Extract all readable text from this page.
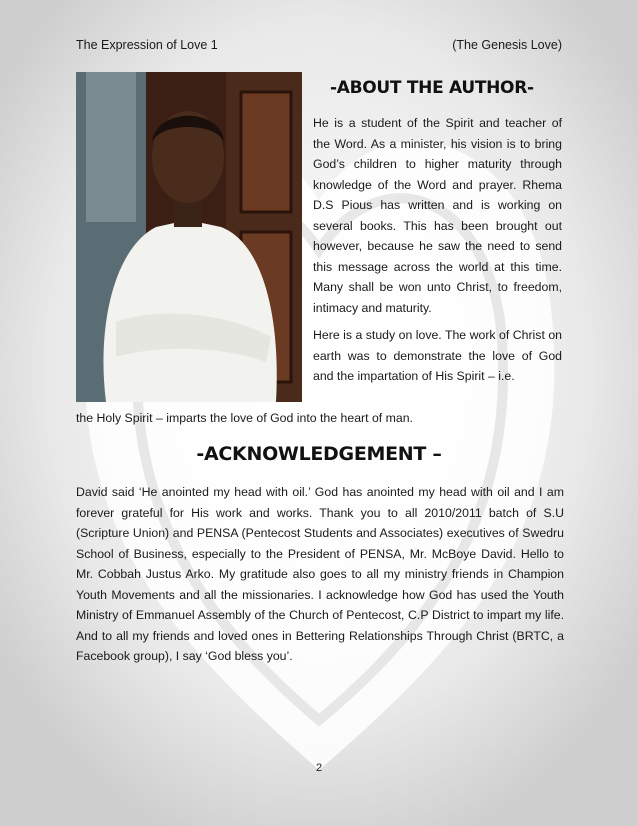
The Expression of Love 1	(The Genesis Love)
-ABOUT THE AUTHOR-

He is a student of the Spirit and teacher of the Word. As a minister, his vision is to bring God’s children to higher maturity through knowledge of the Word and prayer. Rhema D.S Pious has written and is working on several books. This has been brought out however, because he saw the need to send this message across the world at this time. Many shall be won unto Christ, to freedom, intimacy and maturity.

Here is a study on love. The work of Christ on earth was to demonstrate the love of God and the impartation of His Spirit – i.e.

the Holy Spirit – imparts the love of God into the heart of man.
-ACKNOWLEDGEMENT –
David said ‘He anointed my head with oil.’ God has anointed my head with oil and I am forever grateful for His work and works. Thank you to all 2010/2011 batch of S.U (Scripture Union) and PENSA (Pentecost Students and Associates) executives of Swedru School of Business, especially to the President of PENSA, Mr. McBoye David. Hello to Mr. Cobbah Justus Arko. My gratitude also goes to all my ministry friends in Champion Youth Movements and all the missionaries. I acknowledge how God has used the Youth Ministry of Emmanuel Assembly of the Church of Pentecost, C.P District to impart my life. And to all my friends and loved ones in Bettering Relationships Through Christ (BRTC, a Facebook group), I say ‘God bless you’.
2
